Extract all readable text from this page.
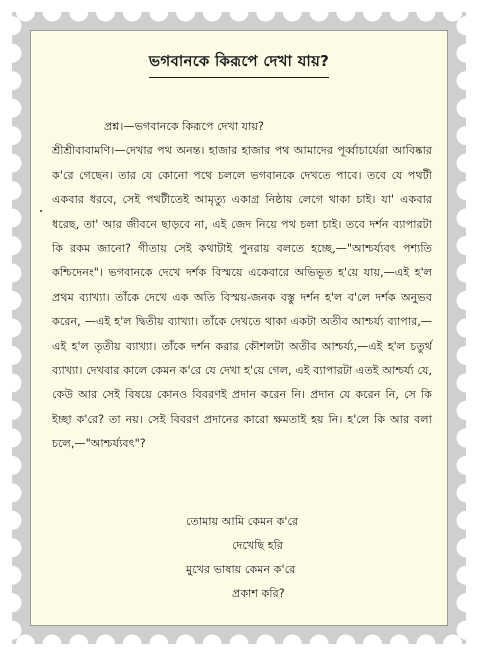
ভগবানকে কিরূপে দেখা যায়?

প্রশ্ন।—ভগবানকে কিরূপে দেখা যায়?

শ্রীশ্রীবাবামণি।—দেখার পথ অনন্ত। হাজার হাজার পথ আমাদের পূর্ব্বাচার্যেরা আবিষ্কার ক'রে গেছেন। তার যে কোনো পথে চললে ভগবানকে দেখতে পাবে। তবে যে পথটী একবার ধরবে, সেই পথটীতেই আমৃত্যু একাগ্র নিষ্ঠায় লেগে থাকা চাই। যা' একবার ধরেছ, তা' আর জীবনে ছাড়বে না, এই জেদ নিয়ে পথ চলা চাই। তবে দর্শন ব্যাপারটা কি রকম জানো? গীতায় সেই কথাটাই পুনরায় বলতে হচ্ছে,—"আশ্চর্য্যবৎ পশ্যতি কশ্চিদেনং"। ভগবানকে দেখে দর্শক বিস্ময়ে একেবারে অভিভূত হ'য়ে যায়,—এই হ'ল প্রথম ব্যাখ্যা। তাঁকে দেখে এক অতি বিস্ময়-জনক বস্তু দর্শন হ'ল ব'লে দর্শক অনুভব করেন, —এই হ'ল দ্বিতীয় ব্যাখ্যা। তাঁকে দেখতে থাকা একটা অতীব আশ্চর্য্য ব্যাপার,—এই হ'ল তৃতীয় ব্যাখ্যা। তাঁকে দর্শন করার কৌশলটা অতীব আশ্চর্য্য,—এই হ'ল চতুর্থ ব্যাখ্যা। দেখবার কালে কেমন ক'রে যে দেখা হ'য়ে গেল, এই ব্যাপারটা এতই আশ্চর্য্য যে, কেউ আর সেই বিষয়ে কোনও বিবরণই প্রদান করেন নি। প্রদান যে করেন নি, সে কি ইচ্ছা ক'রে? তা নয়। সেই বিবরণ প্রদানের কারো ক্ষমতাই হয় নি। হ'লে কি আর বলা চলে,—"আশ্চর্য্যবৎ"?

তোমায় আমি কেমন ক'রে
দেখেছি হরি
মুখের ভাষায় কেমন ক'রে
প্রকাশ করি?
